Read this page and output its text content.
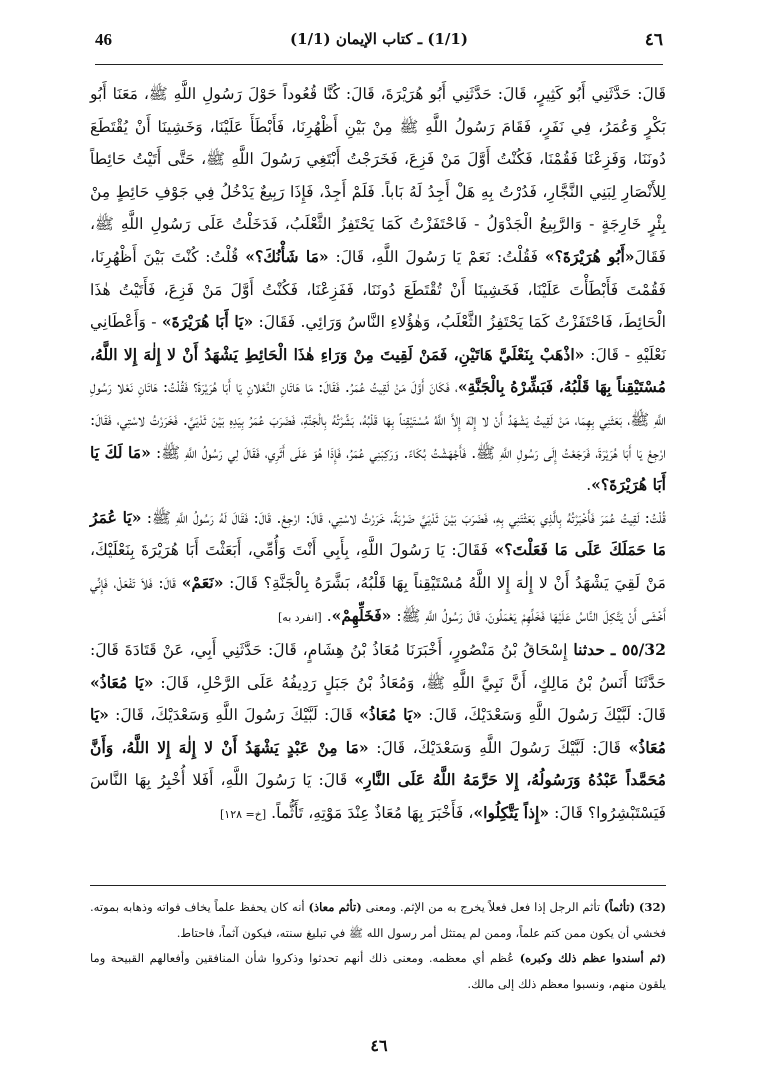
46	(1/1) ـ كتاب الإيمان (1/1)	٤٦

قَالَ: حَدَّثَنِي أَبُو كَثِيرٍ، قَالَ: حَدَّثَنِي أَبُو هُرَيْرَةَ، قَالَ: كُنَّا قُعُوداً حَوْلَ رَسُولِ اللَّهِ ﷺ، مَعَنَا أَبُو بَكْرٍ وَعُمَرُ، فِي نَفَرٍ، فَقَامَ رَسُولُ اللَّهِ ﷺ مِنْ بَيْنِ أَظْهُرِنَا، فَأَبْطَأَ عَلَيْنَا، وَخَشِينَا أَنْ يُقْتَطَعَ دُونَنَا، وَفَزِعْنَا فَقُمْنَا، فَكُنْتُ أَوَّلَ مَنْ فَزِعَ، فَخَرَجْتُ أَبْتَغِي رَسُولَ اللَّهِ ﷺ، حَتَّى أَتَيْتُ حَائِطاً لِلأَنْصَارِ لِبَنِي النَّجَّارِ، فَدُرْتُ بِهِ هَلْ أَجِدُ لَهُ بَاباً. فَلَمْ أَجِدْ، فَإِذَا رَبِيعٌ يَدْخُلُ فِي جَوْفِ حَائِطٍ مِنْ بِئْرٍ خَارِجَةٍ - وَالرَّبِيعُ الْجَدْوَلُ - فَاحْتَفَزْتُ كَمَا يَحْتَفِزُ الثَّعْلَبُ، فَدَخَلْتُ عَلَى رَسُولِ اللَّهِ ﷺ، فَقَالَ«أَبُو هُرَيْرَةَ؟» فَقُلْتُ: نَعَمْ يَا رَسُولَ اللَّهِ، قَالَ: «مَا شَأْنُكَ؟» قُلْتُ: كُنْتَ بَيْنَ أَظْهُرِنَا، فَقُمْتَ فَأَبْطَأْتَ عَلَيْنَا، فَخَشِينَا أَنْ تُقْتَطَعَ دُونَنَا، فَفَزِعْنَا، فَكُنْتُ أَوَّلَ مَنْ فَزِعَ، فَأَتَيْتُ هٰذَا الْحَائِطَ، فَاحْتَفَزْتُ كَمَا يَحْتَفِزُ الثَّعْلَبُ، وَهٰؤُلاءِ النَّاسُ وَرَائِي. فَقَالَ: «يَا أَبَا هُرَيْرَةَ» - وَأَعْطَانِي نَعْلَيْهِ - قَالَ: «اذْهَبْ بِنَعْلَيَّ هَاتَيْنِ، فَمَنْ لَقِيتَ مِنْ وَرَاءِ هٰذَا الْحَائِطِ يَشْهَدُ أَنْ لا إِلٰهَ إِلا اللَّهُ، مُسْتَيْقِناً بِهَا قَلْبُهُ، فَبَشِّرْهُ بِالْجَنَّةِ»، فَكَانَ أَوَّلَ مَنْ لَقِيتُ عُمَرُ. فَقَالَ: مَا هَاتَانِ النَّعْلانِ يَا أَبَا هُرَيْرَةَ؟ فَقُلْتُ: هَاتَانِ نَعْلا رَسُولِ اللَّهِ ﷺ، بَعَثَنِي بِهِمَا، مَنْ لَقِيتُ يَشْهَدُ أَنْ لا إِلٰهَ إِلاَّ اللَّهُ مُسْتَيْقِناً بِهَا قَلْبُهُ، بَشَّرْتُهُ بِالْجَنَّةِ، فَضَرَبَ عُمَرُ بِيَدِهِ بَيْنَ ثَدْيَيَّ. فَخَرَرْتُ لاسْتِي، فَقَالَ: ارْجِعْ يَا أَبَا هُرَيْرَةَ، فَرَجَعْتُ إِلَى رَسُولِ اللَّهِ ﷺ. فَأَجْهَشْتُ بُكَاءً. وَرَكِبَنِي عُمَرُ، فَإِذَا هُوَ عَلَى أَثَرِي، فَقَالَ لِي رَسُولُ اللَّهِ ﷺ: «مَا لَكَ يَا أَبَا هُرَيْرَةَ؟».

قُلْتُ: لَقِيتُ عُمَرَ فَأَخْبَرْتُهُ بِالَّذِي بَعَثْتَنِي بِهِ، فَضَرَبَ بَيْنَ ثَدْيَيَّ ضَرْبَةً، خَرَرْتُ لاسْتِي، قَالَ: ارْجِعْ. قَالَ: فَقَالَ لَهُ رَسُولُ اللَّهِ ﷺ: «يَا عُمَرُ مَا حَمَلَكَ عَلَى مَا فَعَلْتَ؟» فَقَالَ: يَا رَسُولَ اللَّهِ، بِأَبِي أَنْتَ وَأُمِّي، أَبَعَثْتَ أَبَا هُرَيْرَةَ بِنَعْلَيْكَ، مَنْ لَقِيَ يَشْهَدُ أَنْ لا إِلٰهَ إِلا اللَّهُ مُسْتَيْقِناً بِهَا قَلْبُهُ، بَشَّرَهُ بِالْجَنَّةِ؟ قَالَ: «نَعَمْ» قَالَ: فَلاَ تَفْعَلْ، فَإِنِّي أَخْشَى أَنْ يَتَّكِلَ النَّاسُ عَلَيْهَا فَخَلِّهِمْ يَعْمَلُونَ، قَالَ رَسُولُ اللَّهِ ﷺ: «فَخَلِّهِمْ». [انفرد به]

32/٥٥ ـ حدثنا إِسْحَاقُ بْنُ مَنْصُورٍ، أَخْبَرَنَا مُعَاذُ بْنُ هِشَامٍ، قَالَ: حَدَّثَنِي أَبِي، عَنْ قَتَادَةَ قَالَ: حَدَّثَنَا أَنَسُ بْنُ مَالِكٍ، أَنَّ نَبِيَّ اللَّهِ ﷺ، وَمُعَاذُ بْنُ جَبَلٍ رَدِيفُهُ عَلَى الرَّحْلِ، قَالَ: «يَا مُعَاذُ» قَالَ: لَبَّيْكَ رَسُولَ اللَّهِ وَسَعْدَيْكَ، قَالَ: «يَا مُعَاذُ» قَالَ: لَبَّيْكَ رَسُولَ اللَّهِ وَسَعْدَيْكَ، قَالَ: «يَا مُعَاذُ» قَالَ: لَبَّيْكَ رَسُولَ اللَّهِ وَسَعْدَيْكَ، قَالَ: «مَا مِنْ عَبْدٍ يَشْهَدُ أَنْ لا إِلٰهَ إِلا اللَّهُ، وَأَنَّ مُحَمَّداً عَبْدُهُ وَرَسُولُهُ، إِلا حَرَّمَهُ اللَّهُ عَلَى النَّارِ» قَالَ: يَا رَسُولَ اللَّهِ، أَفَلا أُخْبِرُ بِهَا النَّاسَ فَيَسْتَبْشِرُوا؟ قَالَ: «إِذاً يَتَّكِلُوا»، فَأَخْبَرَ بِهَا مُعَاذٌ عِنْدَ مَوْتِهِ، تَأَثُّماً. [خ= ١٢٨]

(32) (تأثماً) تأثم الرجل إذا فعل فعلاً يخرج به من الإثم. ومعنى (تأثم معاذ) أنه كان يحفظ علماً يخاف فواته وذهابه بموته. فخشي أن يكون ممن كتم علماً، وممن لم يمتثل أمر رسول الله ﷺ في تبليغ سنته، فيكون آثماً، فاحتاط.

(ثم أسندوا عظم ذلك وكبره) عُظم أي معظمه. ومعنى ذلك أنهم تحدثوا وذكروا شأن المنافقين وأفعالهم القبيحة وما يلقون منهم، ونسبوا معظم ذلك إلى مالك.

٤٦
